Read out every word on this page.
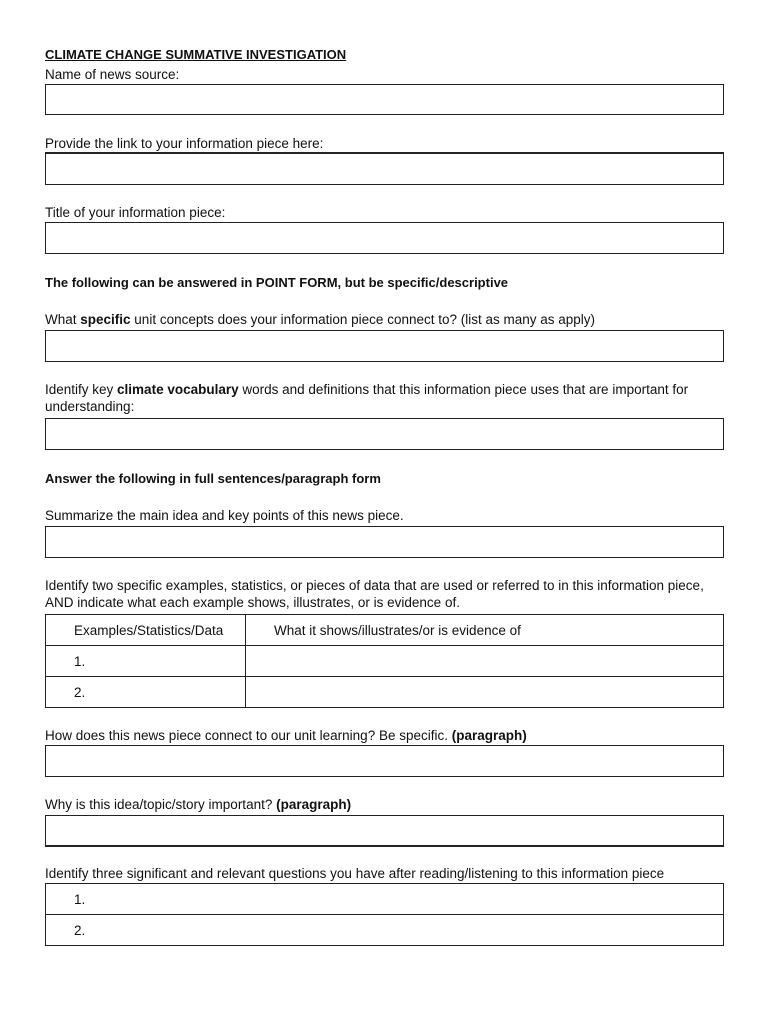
CLIMATE CHANGE SUMMATIVE INVESTIGATION
Name of news source:
Provide the link to your information piece here:
Title of your information piece:
The following can be answered in POINT FORM, but be specific/descriptive
What specific unit concepts does your information piece connect to? (list as many as apply)
Identify key climate vocabulary words and definitions that this information piece uses that are important for understanding:
Answer the following in full sentences/paragraph form
Summarize the main idea and key points of this news piece.
Identify two specific examples, statistics, or pieces of data that are used or referred to in this information piece, AND indicate what each example shows, illustrates, or is evidence of.
Examples/Statistics/Data	What it shows/illustrates/or is evidence of

1.	

2.	

How does this news piece connect to our unit learning? Be specific. (paragraph)
Why is this idea/topic/story important? (paragraph)
Identify three significant and relevant questions you have after reading/listening to this information piece
1.

2.
